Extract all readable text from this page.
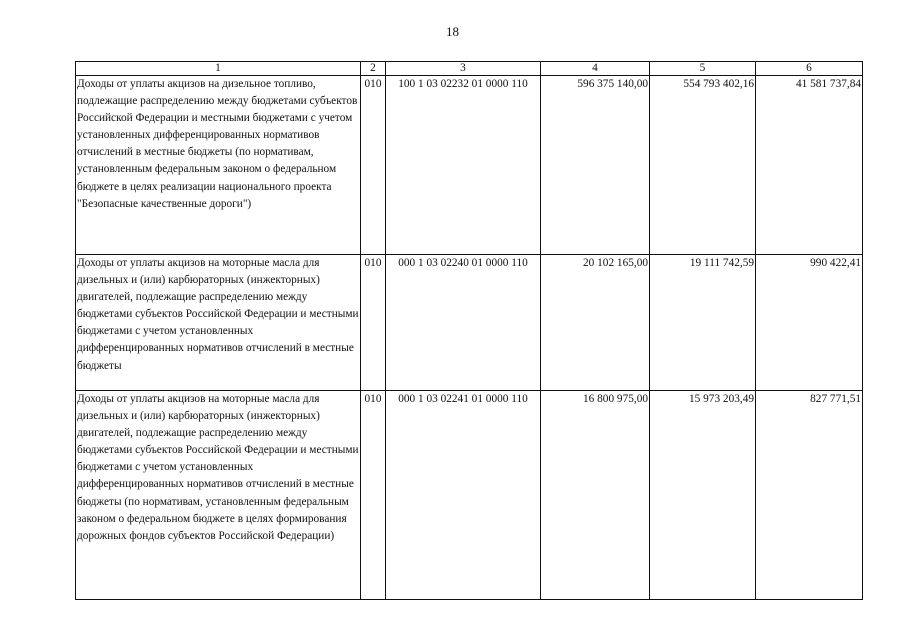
18
1	2	3	4	5	6
Доходы от уплаты акцизов на дизельное топливо, подлежащие распределению между бюджетами субъектов Российской Федерации и местными бюджетами с учетом установленных дифференцированных нормативов отчислений в местные бюджеты (по нормативам, установленным федеральным законом о федеральном бюджете в целях реализации национального проекта "Безопасные качественные дороги")	010	100 1 03 02232 01 0000 110	596 375 140,00	554 793 402,16	41 581 737,84
Доходы от уплаты акцизов на моторные масла для дизельных и (или) карбюраторных (инжекторных) двигателей, подлежащие распределению между бюджетами субъектов Российской Федерации и местными бюджетами с учетом установленных дифференцированных нормативов отчислений в местные бюджеты	010	000 1 03 02240 01 0000 110	20 102 165,00	19 111 742,59	990 422,41
Доходы от уплаты акцизов на моторные масла для дизельных и (или) карбюраторных (инжекторных) двигателей, подлежащие распределению между бюджетами субъектов Российской Федерации и местными бюджетами с учетом установленных дифференцированных нормативов отчислений в местные бюджеты (по нормативам, установленным федеральным законом о федеральном бюджете в целях формирования дорожных фондов субъектов Российской Федерации)	010	000 1 03 02241 01 0000 110	16 800 975,00	15 973 203,49	827 771,51
